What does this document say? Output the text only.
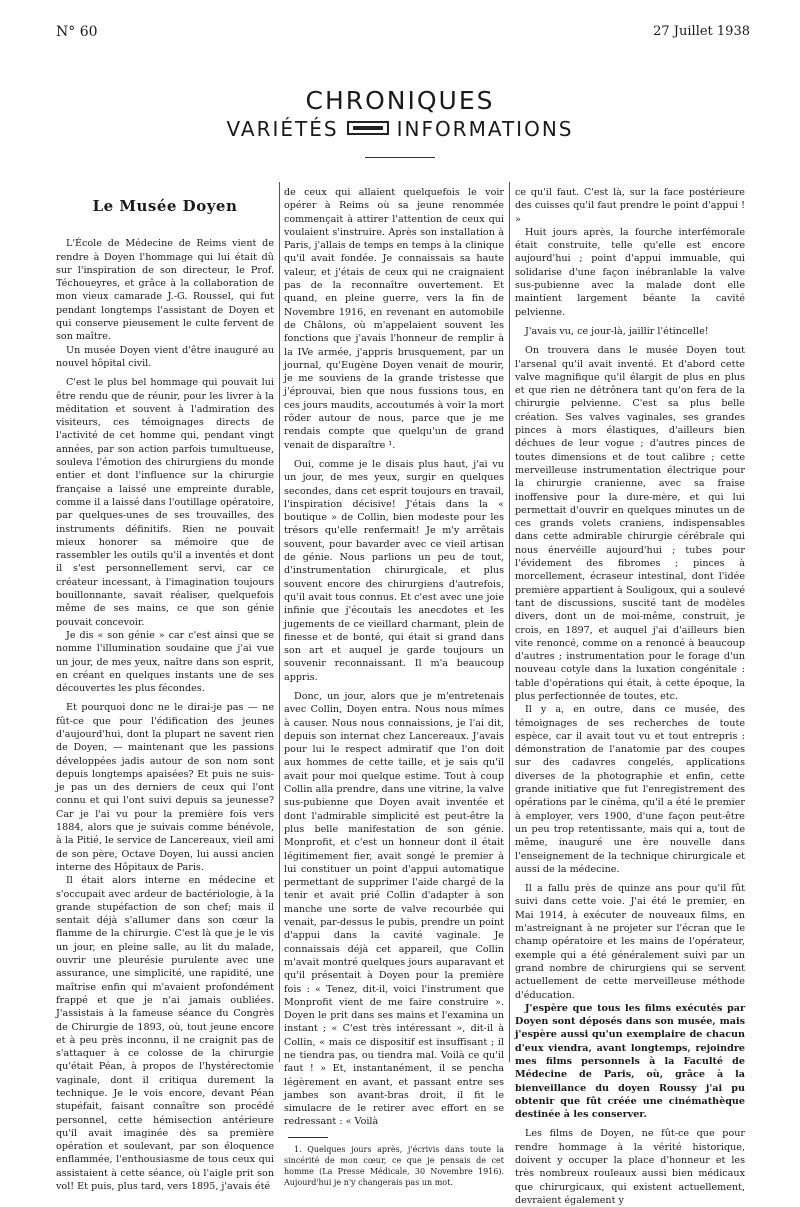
N° 60	27 Juillet 1938
CHRONIQUES
VARIÉTÉS	INFORMATIONS
Le Musée Doyen

L'École de Médecine de Reims vient de rendre à Doyen l'hommage qui lui était dû sur l'inspiration de son directeur, le Prof. Téchoueyres, et grâce à la collaboration de mon vieux camarade J.-G. Roussel, qui fut pendant longtemps l'assistant de Doyen et qui conserve pieusement le culte fervent de son maître.

Un musée Doyen vient d'être inauguré au nouvel hôpital civil.

C'est le plus bel hommage qui pouvait lui être rendu que de réunir, pour les livrer à la méditation et souvent à l'admiration des visiteurs, ces témoignages directs de l'activité de cet homme qui, pendant vingt années, par son action parfois tumultueuse, souleva l'émotion des chirurgiens du monde entier et dont l'influence sur la chirurgie française a laissé une empreinte durable, comme il a laissé dans l'outillage opératoire, par quelques-unes de ses trouvailles, des instruments définitifs. Rien ne pouvait mieux honorer sa mémoire que de rassembler les outils qu'il a inventés et dont il s'est personnellement servi, car ce créateur incessant, à l'imagination toujours bouillonnante, savait réaliser, quelquefois même de ses mains, ce que son génie pouvait concevoir.

Je dis « son génie » car c'est ainsi que se nomme l'illumination soudaine que j'ai vue un jour, de mes yeux, naître dans son esprit, en créant en quelques instants une de ses découvertes les plus fécondes.

Et pourquoi donc ne le dirai-je pas — ne fût-ce que pour l'édification des jeunes d'aujourd'hui, dont la plupart ne savent rien de Doyen, — maintenant que les passions développées jadis autour de son nom sont depuis longtemps apaisées? Et puis ne suis-je pas un des derniers de ceux qui l'ont connu et qui l'ont suivi depuis sa jeunesse? Car je l'ai vu pour la première fois vers 1884, alors que je suivais comme bénévole, à la Pitié, le service de Lancereaux, vieil ami de son père, Octave Doyen, lui aussi ancien interne des Hôpitaux de Paris.

Il était alors interne en médecine et s'occupait avec ardeur de bactériologie, à la grande stupéfaction de son chef; mais il sentait déjà s'allumer dans son cœur la flamme de la chirurgie. C'est là que je le vis un jour, en pleine salle, au lit du malade, ouvrir une pleurésie purulente avec une assurance, une simplicité, une rapidité, une maîtrise enfin qui m'avaient profondément frappé et que je n'ai jamais oubliées. J'assistais à la fameuse séance du Congrès de Chirurgie de 1893, où, tout jeune encore et à peu près inconnu, il ne craignit pas de s'attaquer à ce colosse de la chirurgie qu'était Péan, à propos de l'hystérectomie vaginale, dont il critiqua durement la technique. Je le vois encore, devant Péan stupéfait, faisant connaître son procédé personnel, cette hémisection antérieure qu'il avait imaginée dès sa première opération et soulevant, par son éloquence enflammée, l'enthousiasme de tous ceux qui assistaient à cette séance, où l'aigle prit son vol! Et puis, plus tard, vers 1895, j'avais été

de ceux qui allaient quelquefois le voir opérer à Reims où sa jeune renommée commençait à attirer l'attention de ceux qui voulaient s'instruire. Après son installation à Paris, j'allais de temps en temps à la clinique qu'il avait fondée. Je connaissais sa haute valeur, et j'étais de ceux qui ne craignaient pas de la reconnaître ouvertement. Et quand, en pleine guerre, vers la fin de Novembre 1916, en revenant en automobile de Châlons, où m'appelaient souvent les fonctions que j'avais l'honneur de remplir à la IVe armée, j'appris brusquement, par un journal, qu'Eugène Doyen venait de mourir, je me souviens de la grande tristesse que j'éprouvai, bien que nous fussions tous, en ces jours maudits, accoutumés à voir la mort rôder autour de nous, parce que je me rendais compte que quelqu'un de grand venait de disparaître ¹.

Oui, comme je le disais plus haut, j'ai vu un jour, de mes yeux, surgir en quelques secondes, dans cet esprit toujours en travail, l'inspiration décisive! J'étais dans la « boutique » de Collin, bien modeste pour les trésors qu'elle renfermait! Je m'y arrêtais souvent, pour bavarder avec ce vieil artisan de génie. Nous parlions un peu de tout, d'instrumentation chirurgicale, et plus souvent encore des chirurgiens d'autrefois, qu'il avait tous connus. Et c'est avec une joie infinie que j'écoutais les anecdotes et les jugements de ce vieillard charmant, plein de finesse et de bonté, qui était si grand dans son art et auquel je garde toujours un souvenir reconnaissant. Il m'a beaucoup appris.

Donc, un jour, alors que je m'entretenais avec Collin, Doyen entra. Nous nous mîmes à causer. Nous nous connaissions, je l'ai dit, depuis son internat chez Lancereaux. J'avais pour lui le respect admiratif que l'on doit aux hommes de cette taille, et je sais qu'il avait pour moi quelque estime. Tout à coup Collin alla prendre, dans une vitrine, la valve sus-pubienne que Doyen avait inventée et dont l'admirable simplicité est peut-être la plus belle manifestation de son génie. Monprofit, et c'est un honneur dont il était légitimement fier, avait songé le premier à lui constituer un point d'appui automatique permettant de supprimer l'aide chargé de la tenir et avait prié Collin d'adapter à son manche une sorte de valve recourbée qui venait, par-dessus le pubis, prendre un point d'appui dans la cavité vaginale. Je connaissais déjà cet appareil, que Collin m'avait montré quelques jours auparavant et qu'il présentait à Doyen pour la première fois : « Tenez, dit-il, voici l'instrument que Monprofit vient de me faire construire ». Doyen le prit dans ses mains et l'examina un instant ; « C'est très intéressant », dit-il à Collin, « mais ce dispositif est insuffisant ; il ne tiendra pas, ou tiendra mal. Voilà ce qu'il faut ! » Et, instantanément, il se pencha légèrement en avant, et passant entre ses jambes son avant-bras droit, il fit le simulacre de le retirer avec effort en se redressant : « Voilà

1. Quelques jours après, j'écrivis dans toute la sincérité de mon cœur, ce que je pensais de cet homme (La Presse Médicale, 30 Novembre 1916). Aujourd'hui je n'y changerais pas un mot.

ce qu'il faut. C'est là, sur la face postérieure des cuisses qu'il faut prendre le point d'appui ! »

Huit jours après, la fourche interfémorale était construite, telle qu'elle est encore aujourd'hui ; point d'appui immuable, qui solidarise d'une façon inébranlable la valve sus-pubienne avec la malade dont elle maintient largement béante la cavité pelvienne.

J'avais vu, ce jour-là, jaillir l'étincelle!

On trouvera dans le musée Doyen tout l'arsenal qu'il avait inventé. Et d'abord cette valve magnifique qu'il élargit de plus en plus et que rien ne détrônera tant qu'on fera de la chirurgie pelvienne. C'est sa plus belle création. Ses valves vaginales, ses grandes pinces à mors élastiques, d'ailleurs bien déchues de leur vogue ; d'autres pinces de toutes dimensions et de tout calibre ; cette merveilleuse instrumentation électrique pour la chirurgie cranienne, avec sa fraise inoffensive pour la dure-mère, et qui lui permettait d'ouvrir en quelques minutes un de ces grands volets craniens, indispensables dans cette admirable chirurgie cérébrale qui nous énervéille aujourd'hui ; tubes pour l'évidement des fibromes ; pinces à morcellement, écraseur intestinal, dont l'idée première appartient à Souligoux, qui a soulevé tant de discussions, suscité tant de modèles divers, dont un de moi-même, construit, je crois, en 1897, et auquel j'ai d'ailleurs bien vite renoncé, comme on a renoncé à beaucoup d'autres ; instrumentation pour le forage d'un nouveau cotyle dans la luxation congénitale : table d'opérations qui était, à cette époque, la plus perfectionnée de toutes, etc.

Il y a, en outre, dans ce musée, des témoignages de ses recherches de toute espèce, car il avait tout vu et tout entrepris : démonstration de l'anatomie par des coupes sur des cadavres congelés, applications diverses de la photographie et enfin, cette grande initiative que fut l'enregistrement des opérations par le cinéma, qu'il a été le premier à employer, vers 1900, d'une façon peut-être un peu trop retentissante, mais qui a, tout de même, inauguré une ère nouvelle dans l'enseignement de la technique chirurgicale et aussi de la médecine.

Il a fallu près de quinze ans pour qu'il fût suivi dans cette voie. J'ai été le premier, en Mai 1914, à exécuter de nouveaux films, en m'astreignant à ne projeter sur l'écran que le champ opératoire et les mains de l'opérateur, exemple qui a été généralement suivi par un grand nombre de chirurgiens qui se servent actuellement de cette merveilleuse méthode d'éducation.

J'espère que tous les films exécutés par Doyen sont déposés dans son musée, mais j'espère aussi qu'un exemplaire de chacun d'eux viendra, avant longtemps, rejoindre mes films personnels à la Faculté de Médecine de Paris, où, grâce à la bienveillance du doyen Roussy j'ai pu obtenir que fût créée une cinémathèque destinée à les conserver.

Les films de Doyen, ne fût-ce que pour rendre hommage à la vérité historique, doivent y occuper la place d'honneur et les très nombreux rouleaux aussi bien médicaux que chirurgicaux, qui existent actuellement, devraient également y
